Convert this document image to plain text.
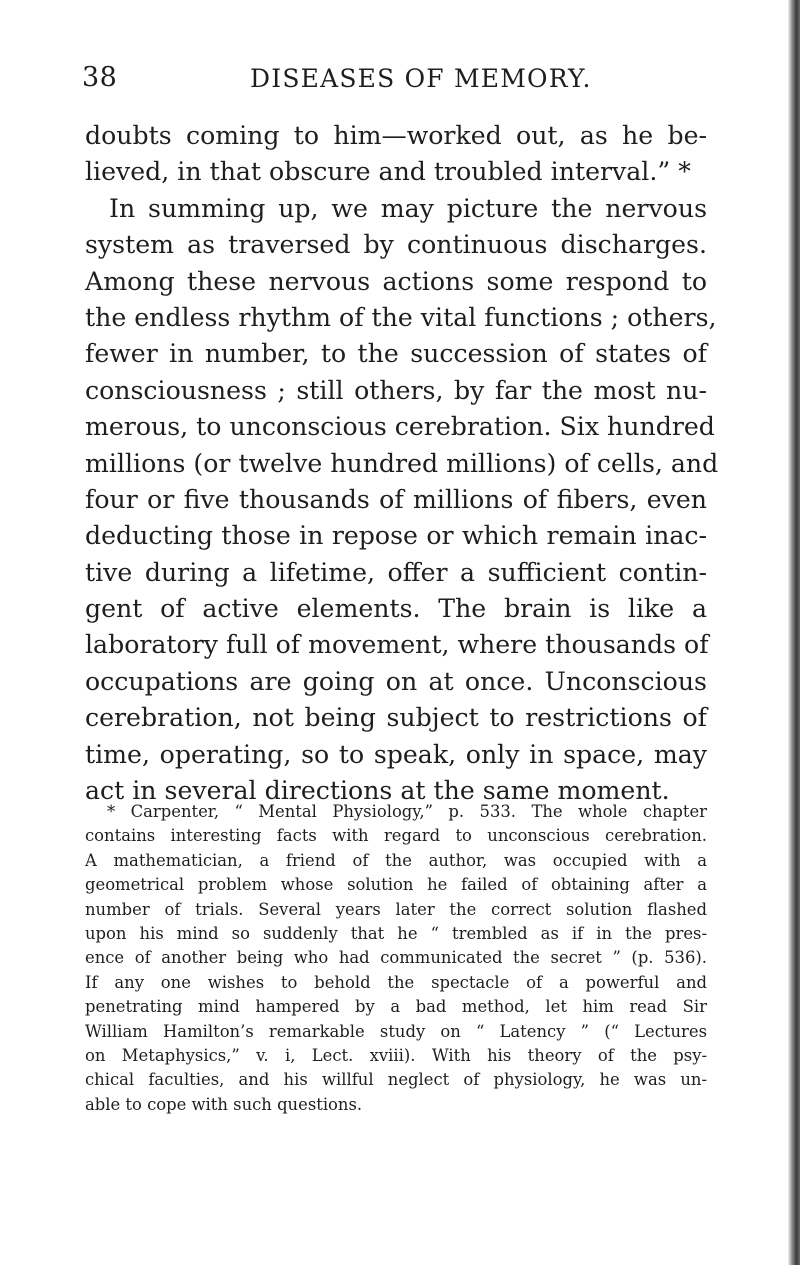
38	DISEASES OF MEMORY.
doubts coming to him—worked out, as he be-
lieved, in that obscure and troubled interval.” *
In summing up, we may picture the nervous
system as traversed by continuous discharges.
Among these nervous actions some respond to
the endless rhythm of the vital functions ; others,
fewer in number, to the succession of states of
consciousness ; still others, by far the most nu-
merous, to unconscious cerebration. Six hundred
millions (or twelve hundred millions) of cells, and
four or five thousands of millions of fibers, even
deducting those in repose or which remain inac-
tive during a lifetime, offer a sufficient contin-
gent of active elements. The brain is like a
laboratory full of movement, where thousands of
occupations are going on at once. Unconscious
cerebration, not being subject to restrictions of
time, operating, so to speak, only in space, may
act in several directions at the same moment.
* Carpenter, “ Mental Physiology,” p. 533. The whole chapter
contains interesting facts with regard to unconscious cerebration.
A mathematician, a friend of the author, was occupied with a
geometrical problem whose solution he failed of obtaining after a
number of trials. Several years later the correct solution flashed
upon his mind so suddenly that he “ trembled as if in the pres-
ence of another being who had communicated the secret ” (p. 536).
If any one wishes to behold the spectacle of a powerful and
penetrating mind hampered by a bad method, let him read Sir
William Hamilton’s remarkable study on “ Latency ” (“ Lectures
on Metaphysics,” v. i, Lect. xviii). With his theory of the psy-
chical faculties, and his willful neglect of physiology, he was un-
able to cope with such questions.
